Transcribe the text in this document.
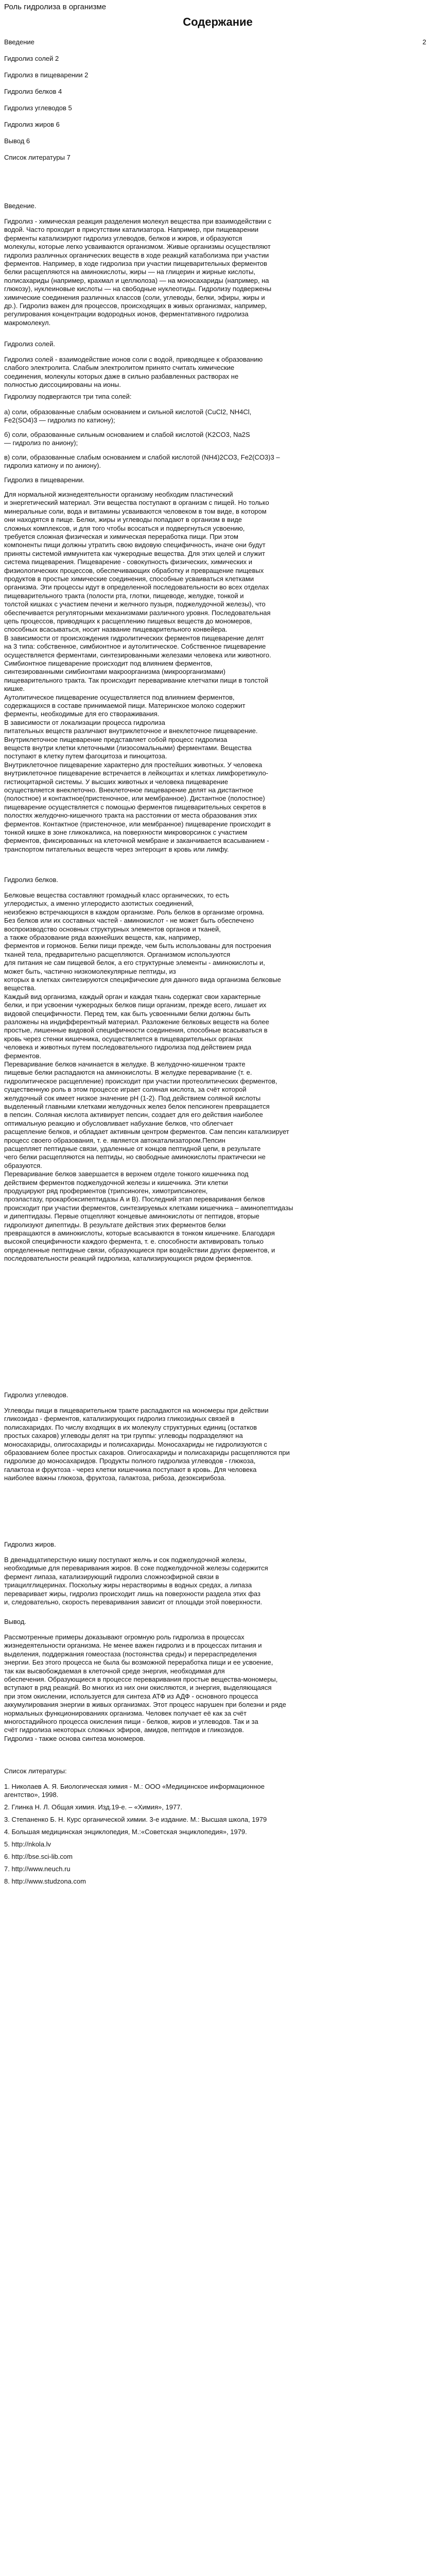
Роль гидролиза в организме
Содержание
Введение	2
Гидролиз солей 2
Гидролиз в пищеварении 2
Гидролиз белков 4
Гидролиз углеводов 5
Гидролиз жиров 6
Вывод 6
Список литературы 7
Введение.
Гидролиз - химическая реакция разделения молекул вещества при взаимодействии с
водой. Часто проходит в присутствии катализатора. Например, при пищеварении
ферменты катализируют гидролиз углеводов, белков и жиров, и образуются
молекулы, которые легко усваиваются организмом. Живые организмы осуществляют
гидролиз различных органических веществ в ходе реакций катаболизма при участии
ферментов. Например, в ходе гидролиза при участии пищеварительных ферментов
белки расщепляются на аминокислоты, жиры — на глицерин и жирные кислоты,
полисахариды (например, крахмал и целлюлоза) — на моносахариды (например, на
глюкозу), нуклеиновые кислоты — на свободные нуклеотиды. Гидролизу подвержены
химические соединения различных классов (соли, углеводы, белки, эфиры, жиры и
др.). Гидролиз важен для процессов, происходящих в живых организмах, например,
регулирования концентрации водородных ионов, ферментативного гидролиза
макромолекул.
Гидролиз солей.
Гидролиз солей - взаимодействие ионов соли с водой, приводящее к образованию
слабого электролита. Слабым электролитом принято считать химические
соединения, молекулы которых даже в сильно разбавленных растворах не
полностью диссоциированы на ионы.
Гидролизу подвергаются три типа солей:
а) соли, образованные слабым основанием и сильной кислотой (CuCl2, NH4Cl,
Fe2(SO4)3 — гидролиз по катиону);
б) соли, образованные сильным основанием и слабой кислотой (K2CO3, Na2S
— гидролиз по аниону);
в) соли, образованные слабым основанием и слабой кислотой (NH4)2CO3, Fe2(CO3)3 –
гидролиз катиону и по аниону).
Гидролиз в пищеварении.
Для нормальной жизнедеятельности организму необходим пластический
и энергетический материал. Эти вещества поступают в организм с пищей. Но только
минеральные соли, вода и витамины усваиваются человеком в том виде, в котором
они находятся в пище. Белки, жиры и углеводы попадают в организм в виде
сложных комплексов, и для того чтобы всосаться и подвергнуться усвоению,
требуется сложная физическая и химическая переработка пищи. При этом
компоненты пищи должны утратить свою видовую специфичность, иначе они будут
приняты системой иммунитета как чужеродные вещества. Для этих целей и служит
система пищеварения. Пищеварение - совокупность физических, химических и
физиологических процессов, обеспечивающих обработку и превращение пищевых
продуктов в простые химические соединения, способные усваиваться клетками
организма. Эти процессы идут в определенной последовательности во всех отделах
пищеварительного тракта (полости рта, глотки, пищеводе, желудке, тонкой и
толстой кишках с участием печени и желчного пузыря, поджелудочной железы), что
обеспечивается регуляторными механизмами различного уровня. Последовательная
цепь процессов, приводящих к расщеплению пищевых веществ до мономеров,
способных всасываться, носит название пищеварительного конвейера.
В зависимости от происхождения гидролитических ферментов пищеварение делят
на 3 типа: собственное, симбионтное и аутолитическое. Собственное пищеварение
осуществляется ферментами, синтезированными железами человека или животного.
Симбионтное пищеварение происходит под влиянием ферментов,
синтезированными симбионтами макроорганизма (микроорганизмами)
пищеварительного тракта. Так происходит переваривание клетчатки пищи в толстой
кишке.
Аутолитическое пищеварение осуществляется под влиянием ферментов,
содержащихся в составе принимаемой пищи. Материнское молоко содержит
ферменты, необходимые для его створаживания.
В зависимости от локализации процесса гидролиза
питательных веществ различают внутриклеточное и внеклеточное пищеварение.
Внутриклеточное пищеварение представляет собой процесс гидролиза
веществ внутри клетки клеточными (лизосомальными) ферментами. Вещества
поступают в клетку путем фагоцитоза и пиноцитоза.
Внутриклеточное пищеварение характерно для простейших животных. У человека
внутриклеточное пищеварение встречается в лейкоцитах и клетках лимфоретикуло-
гистиоцитарной системы. У высших животных и человека пищеварение
осуществляется внеклеточно. Внеклеточное пищеварение делят на дистантное
(полостное) и контактное(пристеночное, или мембранное). Дистантное (полостное)
пищеварение осуществляется с помощью ферментов пищеварительных секретов в
полостях желудочно-кишечного тракта на расстоянии от места образования этих
ферментов. Контактное (пристеночное, или мембранное) пищеварение происходит в
тонкой кишке в зоне гликокаликса, на поверхности микроворсинок с участием
ферментов, фиксированных на клеточной мембране и заканчивается всасыванием -
транспортом питательных веществ через энтероцит в кровь или лимфу.
Гидролиз белков.
Белковые вещества составляют громадный класс органических, то есть
углеродистых, а именно углеродисто азотистых соединений,
неизбежно встречающихся в каждом организме. Роль белков в организме огромна.
Без белков или их составных частей - аминокислот - не может быть обеспечено
воспроизводство основных структурных элементов органов и тканей,
а также образование ряда важнейших веществ, как, например,
ферментов и гормонов. Белки пищи прежде, чем быть использованы для построения
тканей тела, предварительно расщепляются. Организмом используются
для питания не сам пищевой белок, а его структурные элементы - аминокислоты и,
может быть, частично низкомолекулярные пептиды, из
которых в клетках синтезируются специфические для данного вида организма белковые
вещества.
Каждый вид организма, каждый орган и каждая ткань содержат свои характерные
белки, и при усвоении чужеродных белков пищи организм, прежде всего, лишает их
видовой специфичности. Перед тем, как быть усвоенными белки должны быть
разложены на индифферентный материал. Разложение белковых веществ на более
простые, лишенные видовой специфичности соединения, способные всасываться в
кровь через стенки кишечника, осуществляется в пищеварительных органах
человека и животных путем последовательного гидролиза под действием ряда
ферментов.
Переваривание белков начинается в желудке. В желудочно-кишечном тракте
пищевые белки распадаются на аминокислоты. В желудке переваривание (т. е.
гидролитическое расщепление) происходит при участии протеолитических ферментов,
существенную роль в этом процессе играет соляная кислота, за счёт которой
желудочный сок имеет низкое значение pH (1-2). Под действием соляной кислоты
выделенный главными клетками желудочных желез белок пепсиноген превращается
в пепсин. Соляная кислота активирует пепсин, создает для его действия наиболее
оптимальную реакцию и обусловливает набухание белков, что облегчает
расщепление белков, и обладает активным центром ферментов. Сам пепсин катализирует
процесс своего образования, т. е. является автокатализатором.Пепсин
расщепляет пептидные связи, удаленные от концов пептидной цепи, в результате
чего белки расщепляются на пептиды, но свободные аминокислоты практически не
образуются.
Переваривание белков завершается в верхнем отделе тонкого кишечника под
действием ферментов поджелудочной железы и кишечника. Эти клетки
продуцируют ряд проферментов (трипсиноген, химотрипсиноген,
проэластазу, прокарбоксипептидазы А и В). Последний этап переваривания белков
происходит при участии ферментов, синтезируемых клетками кишечника – аминопептидазы
и дипептидазы. Первые отщепляют концевые аминокислоты от пептидов, вторые
гидролизуют дипептиды. В результате действия этих ферментов белки
превращаются в аминокислоты, которые всасываются в тонком кишечнике. Благодаря
высокой специфичности каждого фермента, т. е. способности активировать только
определенные пептидные связи, образующиеся при воздействии других ферментов, и
последовательности реакций гидролиза, катализирующихся рядом ферментов.
Гидролиз углеводов.
Углеводы пищи в пищеварительном тракте распадаются на мономеры при действии
гликозидаз - ферментов, катализирующих гидролиз гликозидных связей в
полисахаридах. По числу входящих в их молекулу структурных единиц (остатков
простых сахаров) углеводы делят на три группы: углеводы подразделяют на
моносахариды, олигосахариды и полисахариды. Моносахариды не гидролизуются с
образованием более простых сахаров. Олигосахариды и полисахариды расщепляются при
гидролизе до моносахаридов. Продукты полного гидролиза углеводов - глюкоза,
галактоза и фруктоза - через клетки кишечника поступают в кровь. Для человека
наиболее важны глюкоза, фруктоза, галактоза, рибоза, дезоксирибоза.
Гидролиз жиров.
В двенадцатиперстную кишку поступают желчь и сок поджелудочной железы,
необходимые для переваривания жиров. В соке поджелудочной железы содержится
фермент липаза, катализирующий гидролиз сложноэфирной связи в
триацилглицеринах. Поскольку жиры нерастворимы в водных средах, а липаза
переваривает жиры, гидролиз происходит лишь на поверхности раздела этих фаз
и, следовательно, скорость переваривания зависит от площади этой поверхности.
Вывод.
Рассмотренные примеры доказывают огромную роль гидролиза в процессах
жизнедеятельности организма. Не менее важен гидролиз и в процессах питания и
выделения, поддержания гомеостаза (постоянства среды) и перераспределения
энергии. Без этого процесса не была бы возможной переработка пищи и ее усвоение,
так как высвобождаемая в клеточной среде энергия, необходимая для
обеспечения. Образующиеся в процессе переваривания простые вещества-мономеры,
вступают в ряд реакций. Во многих из них они окисляются, и энергия, выделяющаяся
при этом окислении, используется для синтеза АТФ из АДФ - основного процесса
аккумулирования энергии в живых организмах. Этот процесс нарушен при болезни и ряде
нормальных функционированиях организма. Человек получает её как за счёт
многостадийного процесса окисления пищи - белков, жиров и углеводов. Так и за
счёт гидролиза некоторых сложных эфиров, амидов, пептидов и гликозидов.
Гидролиз - также основа синтеза мономеров.
Список литературы:
1. Николаев А. Я. Биологическая химия - М.: ООО «Медицинское информационное
агентство», 1998.
2. Глинка Н. Л. Общая химия. Изд.19-е. – «Химия», 1977.
3. Степаненко Б. Н. Курс органической химии. 3-е издание. М.: Высшая школа, 1979
4. Большая медицинская энциклопедия, М.:«Советская энциклопедия», 1979.
5. http://nkola.lv
6. http://bse.sci-lib.com
7. http://www.neuch.ru
8. http://www.studzona.com
